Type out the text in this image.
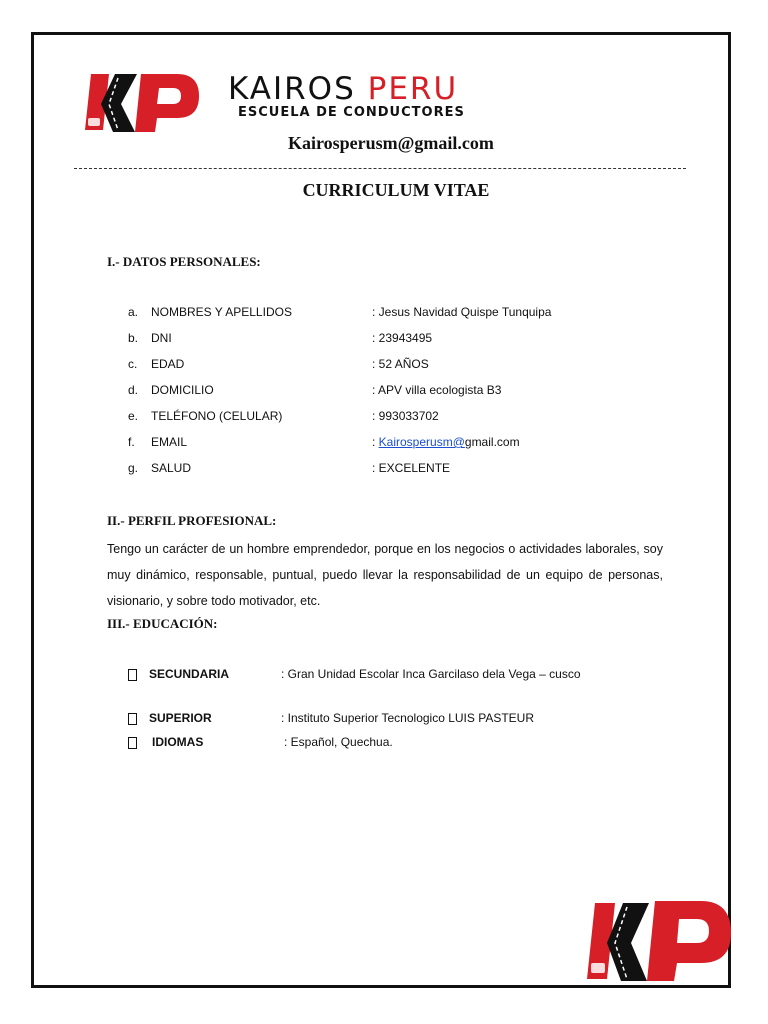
KAIROS PERU
ESCUELA DE CONDUCTORES
Kairosperusm@gmail.com
CURRICULUM VITAE
I.- DATOS PERSONALES:
a. NOMBRES Y APELLIDOS	: Jesus Navidad Quispe Tunquipa
b. DNI	: 23943495
c. EDAD	: 52 AÑOS
d. DOMICILIO	: APV villa ecologista B3
e. TELÉFONO (CELULAR)	: 993033702
f. EMAIL	: Kairosperusm@gmail.com
g. SALUD	: EXCELENTE
II.- PERFIL PROFESIONAL:
Tengo un carácter de un hombre emprendedor, porque en los negocios o actividades laborales, soy muy dinámico, responsable, puntual, puedo llevar la responsabilidad de un equipo de personas, visionario, y sobre todo motivador, etc.
III.- EDUCACIÓN:
SECUNDARIA	: Gran Unidad Escolar Inca Garcilaso dela Vega – cusco
SUPERIOR	: Instituto Superior Tecnologico LUIS PASTEUR
IDIOMAS	: Español, Quechua.
